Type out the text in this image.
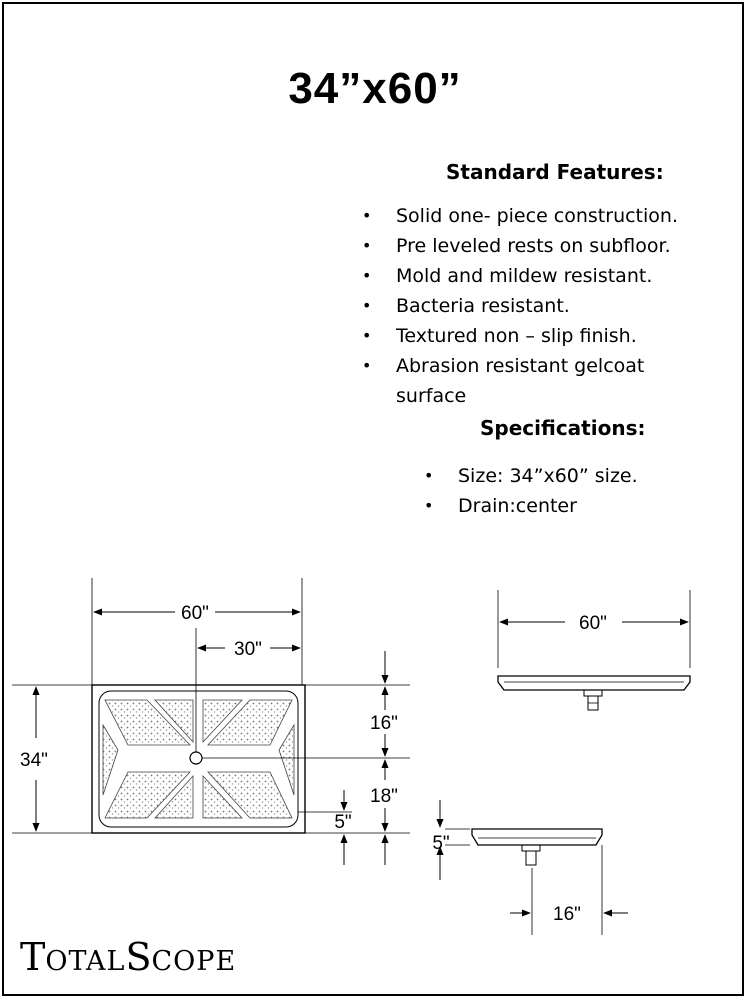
34”x60”
Standard Features:
• Solid one- piece construction.
• Pre leveled rests on subfloor.
• Mold and mildew resistant.
• Bacteria resistant.
• Textured non – slip finish.
• Abrasion resistant gelcoat surface
Specifications:
• Size: 34”x60” size.
• Drain:center
60"
30"
34"
16"
18"
5"
60"
5"
16"
TOTALSCOPE
